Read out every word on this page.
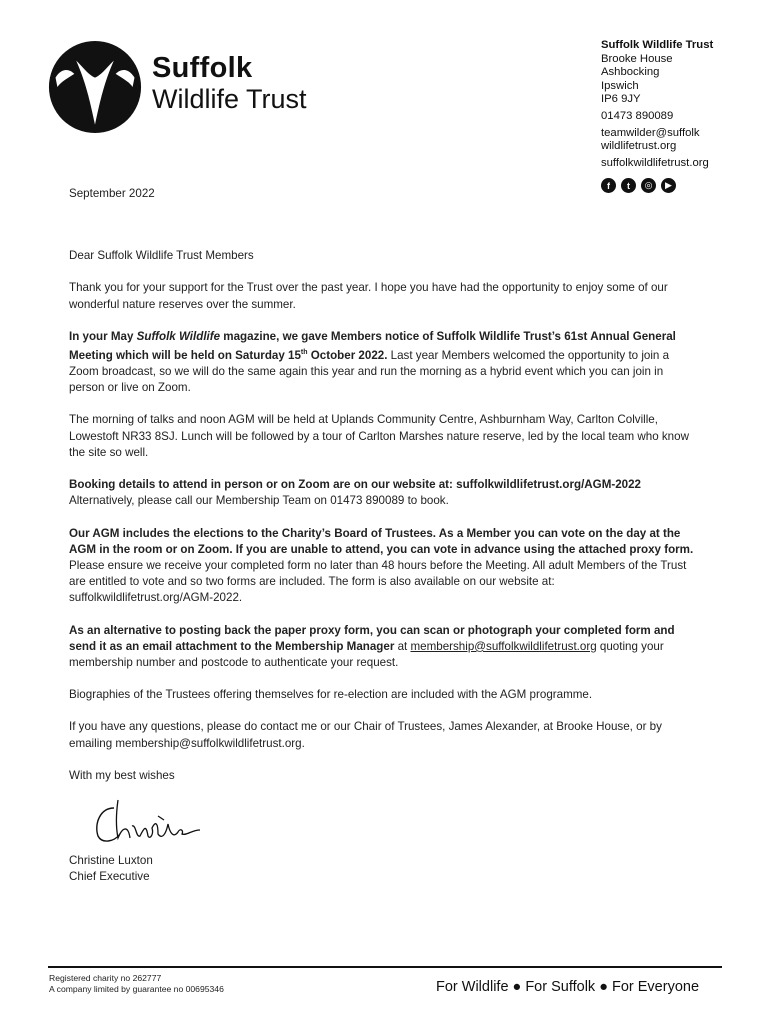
Suffolk
Wildlife Trust
Suffolk Wildlife Trust
Brooke House
Ashbocking
Ipswich
IP6 9JY
01473 890089
teamwilder@suffolk
wildlifetrust.org
suffolkwildlifetrust.org
f	t	◎	▶

September 2022

Dear Suffolk Wildlife Trust Members

Thank you for your support for the Trust over the past year. I hope you have had the opportunity to enjoy some of our wonderful nature reserves over the summer.

In your May Suffolk Wildlife magazine, we gave Members notice of Suffolk Wildlife Trust’s 61st Annual General Meeting which will be held on Saturday 15th October 2022. Last year Members welcomed the opportunity to join a Zoom broadcast, so we will do the same again this year and run the morning as a hybrid event which you can join in person or live on Zoom.

The morning of talks and noon AGM will be held at Uplands Community Centre, Ashburnham Way, Carlton Colville, Lowestoft NR33 8SJ. Lunch will be followed by a tour of Carlton Marshes nature reserve, led by the local team who know the site so well.

Booking details to attend in person or on Zoom are on our website at: suffolkwildlifetrust.org/AGM-2022
Alternatively, please call our Membership Team on 01473 890089 to book.

Our AGM includes the elections to the Charity’s Board of Trustees. As a Member you can vote on the day at the AGM in the room or on Zoom. If you are unable to attend, you can vote in advance using the attached proxy form. Please ensure we receive your completed form no later than 48 hours before the Meeting. All adult Members of the Trust are entitled to vote and so two forms are included. The form is also available on our website at: suffolkwildlifetrust.org/AGM-2022.

As an alternative to posting back the paper proxy form, you can scan or photograph your completed form and send it as an email attachment to the Membership Manager at membership@suffolkwildlifetrust.org quoting your membership number and postcode to authenticate your request.

Biographies of the Trustees offering themselves for re-election are included with the AGM programme.

If you have any questions, please do contact me or our Chair of Trustees, James Alexander, at Brooke House, or by emailing membership@suffolkwildlifetrust.org.

With my best wishes

Christine Luxton
Chief Executive
Registered charity no 262777
A company limited by guarantee no 00695346	For Wildlife ● For Suffolk ● For Everyone
